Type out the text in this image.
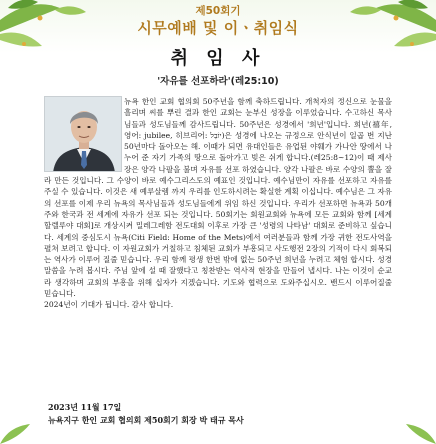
제50회기
시무예배 및 이ㆍ취임식
취 임 사
'자유를 선포하라'(레25:10)

뉴욕 한인 교회 협의회 50주년을 함께 축하드립니다. 개척자의 정신으로 눈물을 흘리며 씨를 뿌린 결과 한인 교회는 눈부신 성장을 이루었습니다. 수고하신 목사님들과 성도님들께 감사드립니다. 50주년은 성경에서 '희년'입니다. 희년(禧年, 영어: jubilee, 히브리어: יוֹבֵל)은 성경에 나오는 규정으로 안식년이 일곱 번 지난 50년마다 돌아오는 해. 이때가 되면 유대인들은 유업된 야훼가 가나안 땅에서 나누어 준 자기 가족의 땅으로 돌아가고 빚은 쉬게 합니다.(레25:8~12)이 때 제사장은 양각 나팔을 불며 자유를 선포 하였습니다. 양각 나팔은 바로 수양의 뿔을 잘라 만든 것입니다. 그 수양이 바로 예수그리스도의 예표인 것입니다. 예수님만이 자유를 선포하고 자유를 주실 수 있습니다. 이것은 새 예루살렘 까지 우리를 인도하시려는 확실한 계획 이십니다. 예수님은 그 자유의 선포를 이제 우리 뉴욕의 목사님들과 성도님들에게 위임 하신 것입니다. 우리가 선포하면 뉴욕과 50개주와 한국과 전 세계에 자유가 선포 되는 것입니다. 50회기는 회원교회와 뉴욕에 모든 교회와 함께 [세계 할렐루야 대회]로 개상시켜 밀레그레함 전도대회 이후로 가장 큰 '성령의 나타남' 대회로 준비하고 싶습니다. 세계의 중심도시 뉴욕(Citi Field: Home of the Mets)에서 여러분들과 함께 가장 귀한 전도사역을 펼쳐 보려고 합니다. 이 자원교회가 거칠하고 침체된 교회가 부흥되고 사도행전 2장의 기적이 다시 회복되는 역사가 이루어 질줄 믿습니다. 우리 함께 평생 한번 밖에 없는 50주년 희년을 누려고 체험 합시다. 성경말씀을 누려 봅시다. 주님 앞에 설 때 잘했다고 칭찬받는 역사적 현장을 만들어 냅시다. 나는 이것이 순교라 생각하며 교회의 부흥을 위해 십자가 지겠습니다. 기도와 협력으로 도와주십시오. 밴드시 이루어질줄 믿습니다.

2024년이 기대가 됩니다. 감사 합니다.

2023년 11월 17일
뉴욕지구 한인 교회 협의회 제50회기 회장 박 태규 목사
